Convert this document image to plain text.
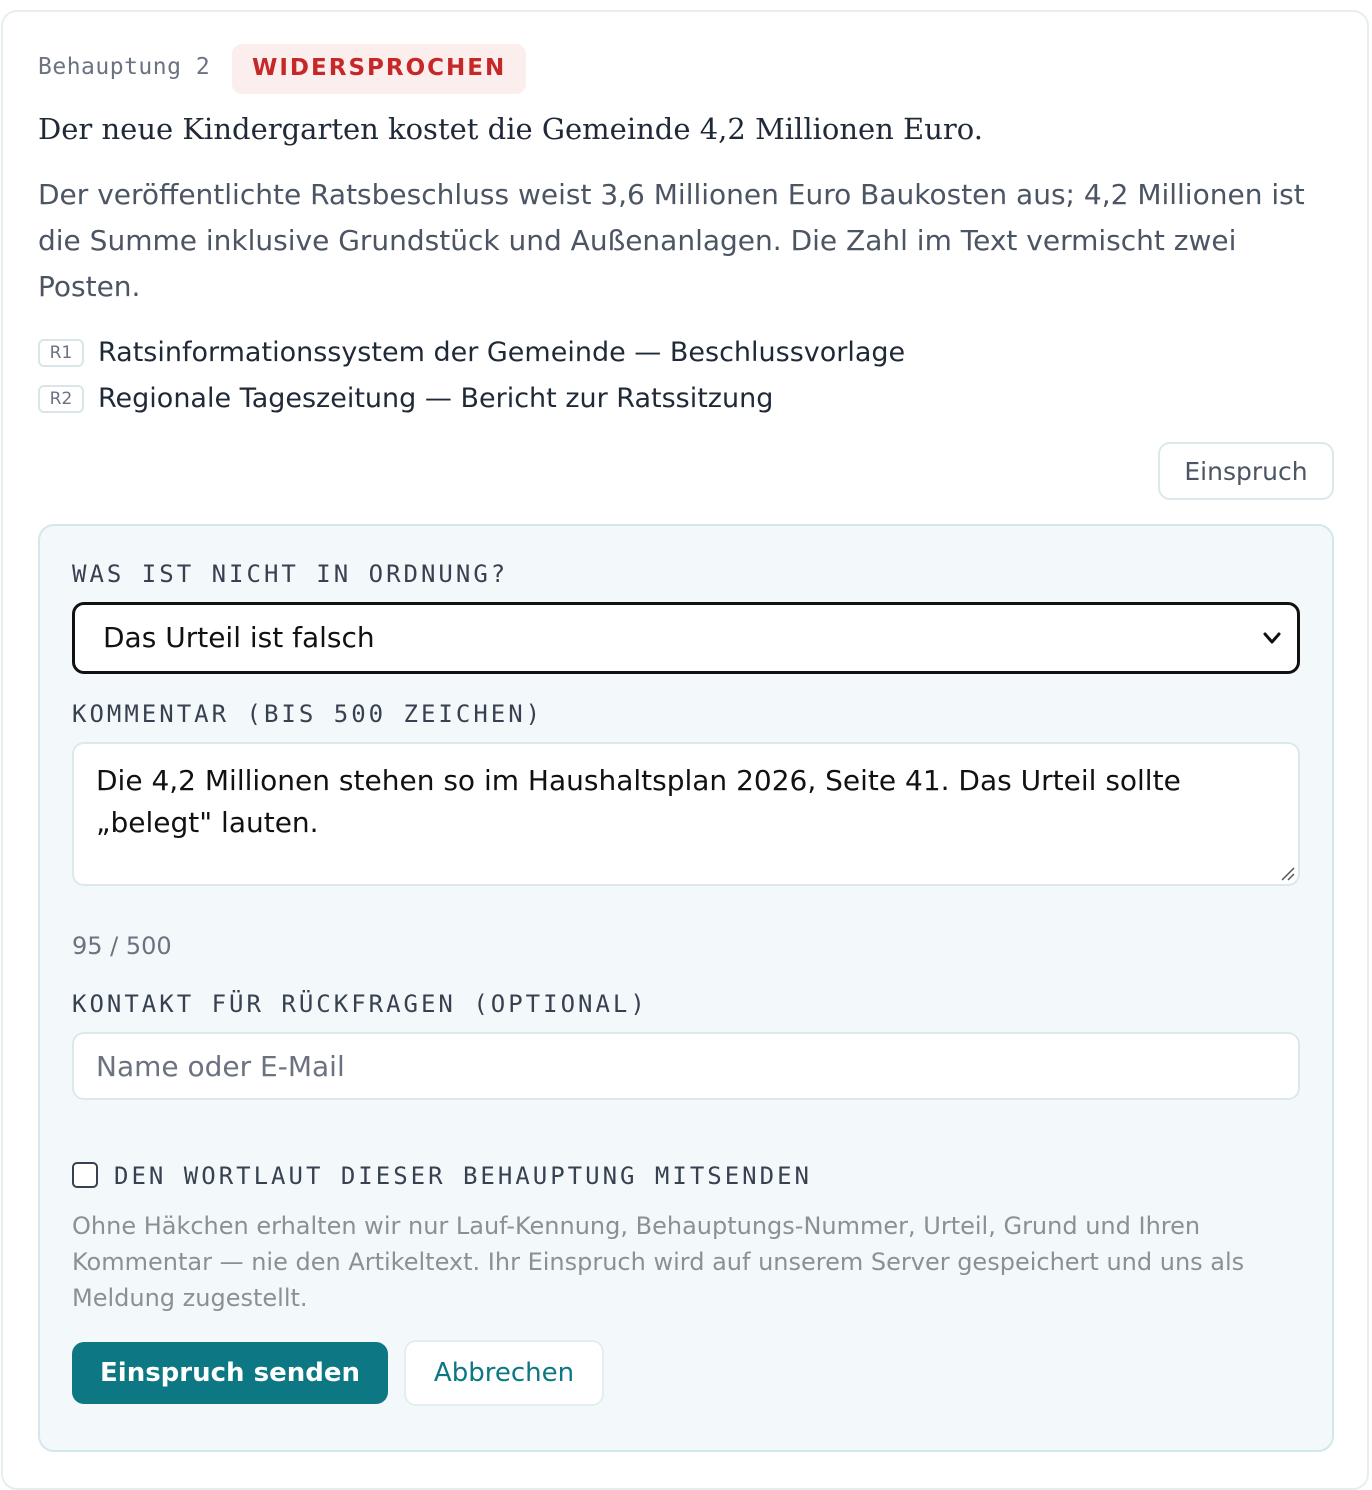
Behauptung 2	WIDERSPROCHEN
Der neue Kindergarten kostet die Gemeinde 4,2 Millionen Euro.
Der veröffentlichte Ratsbeschluss weist 3,6 Millionen Euro Baukosten aus; 4,2 Millionen ist die Summe inklusive Grundstück und Außenanlagen. Die Zahl im Text vermischt zwei Posten.
R1 Ratsinformationssystem der Gemeinde — Beschlussvorlage
R2 Regionale Tageszeitung — Bericht zur Ratssitzung
Einspruch
WAS IST NICHT IN ORDNUNG?
Das Urteil ist falsch
KOMMENTAR (BIS 500 ZEICHEN)
Die 4,2 Millionen stehen so im Haushaltsplan 2026, Seite 41. Das Urteil sollte „belegt" lauten.
95 / 500
KONTAKT FÜR RÜCKFRAGEN (OPTIONAL)
Name oder E-Mail
DEN WORTLAUT DIESER BEHAUPTUNG MITSENDEN
Ohne Häkchen erhalten wir nur Lauf-Kennung, Behauptungs-Nummer, Urteil, Grund und Ihren Kommentar — nie den Artikeltext. Ihr Einspruch wird auf unserem Server gespeichert und uns als Meldung zugestellt.
Einspruch senden	Abbrechen
